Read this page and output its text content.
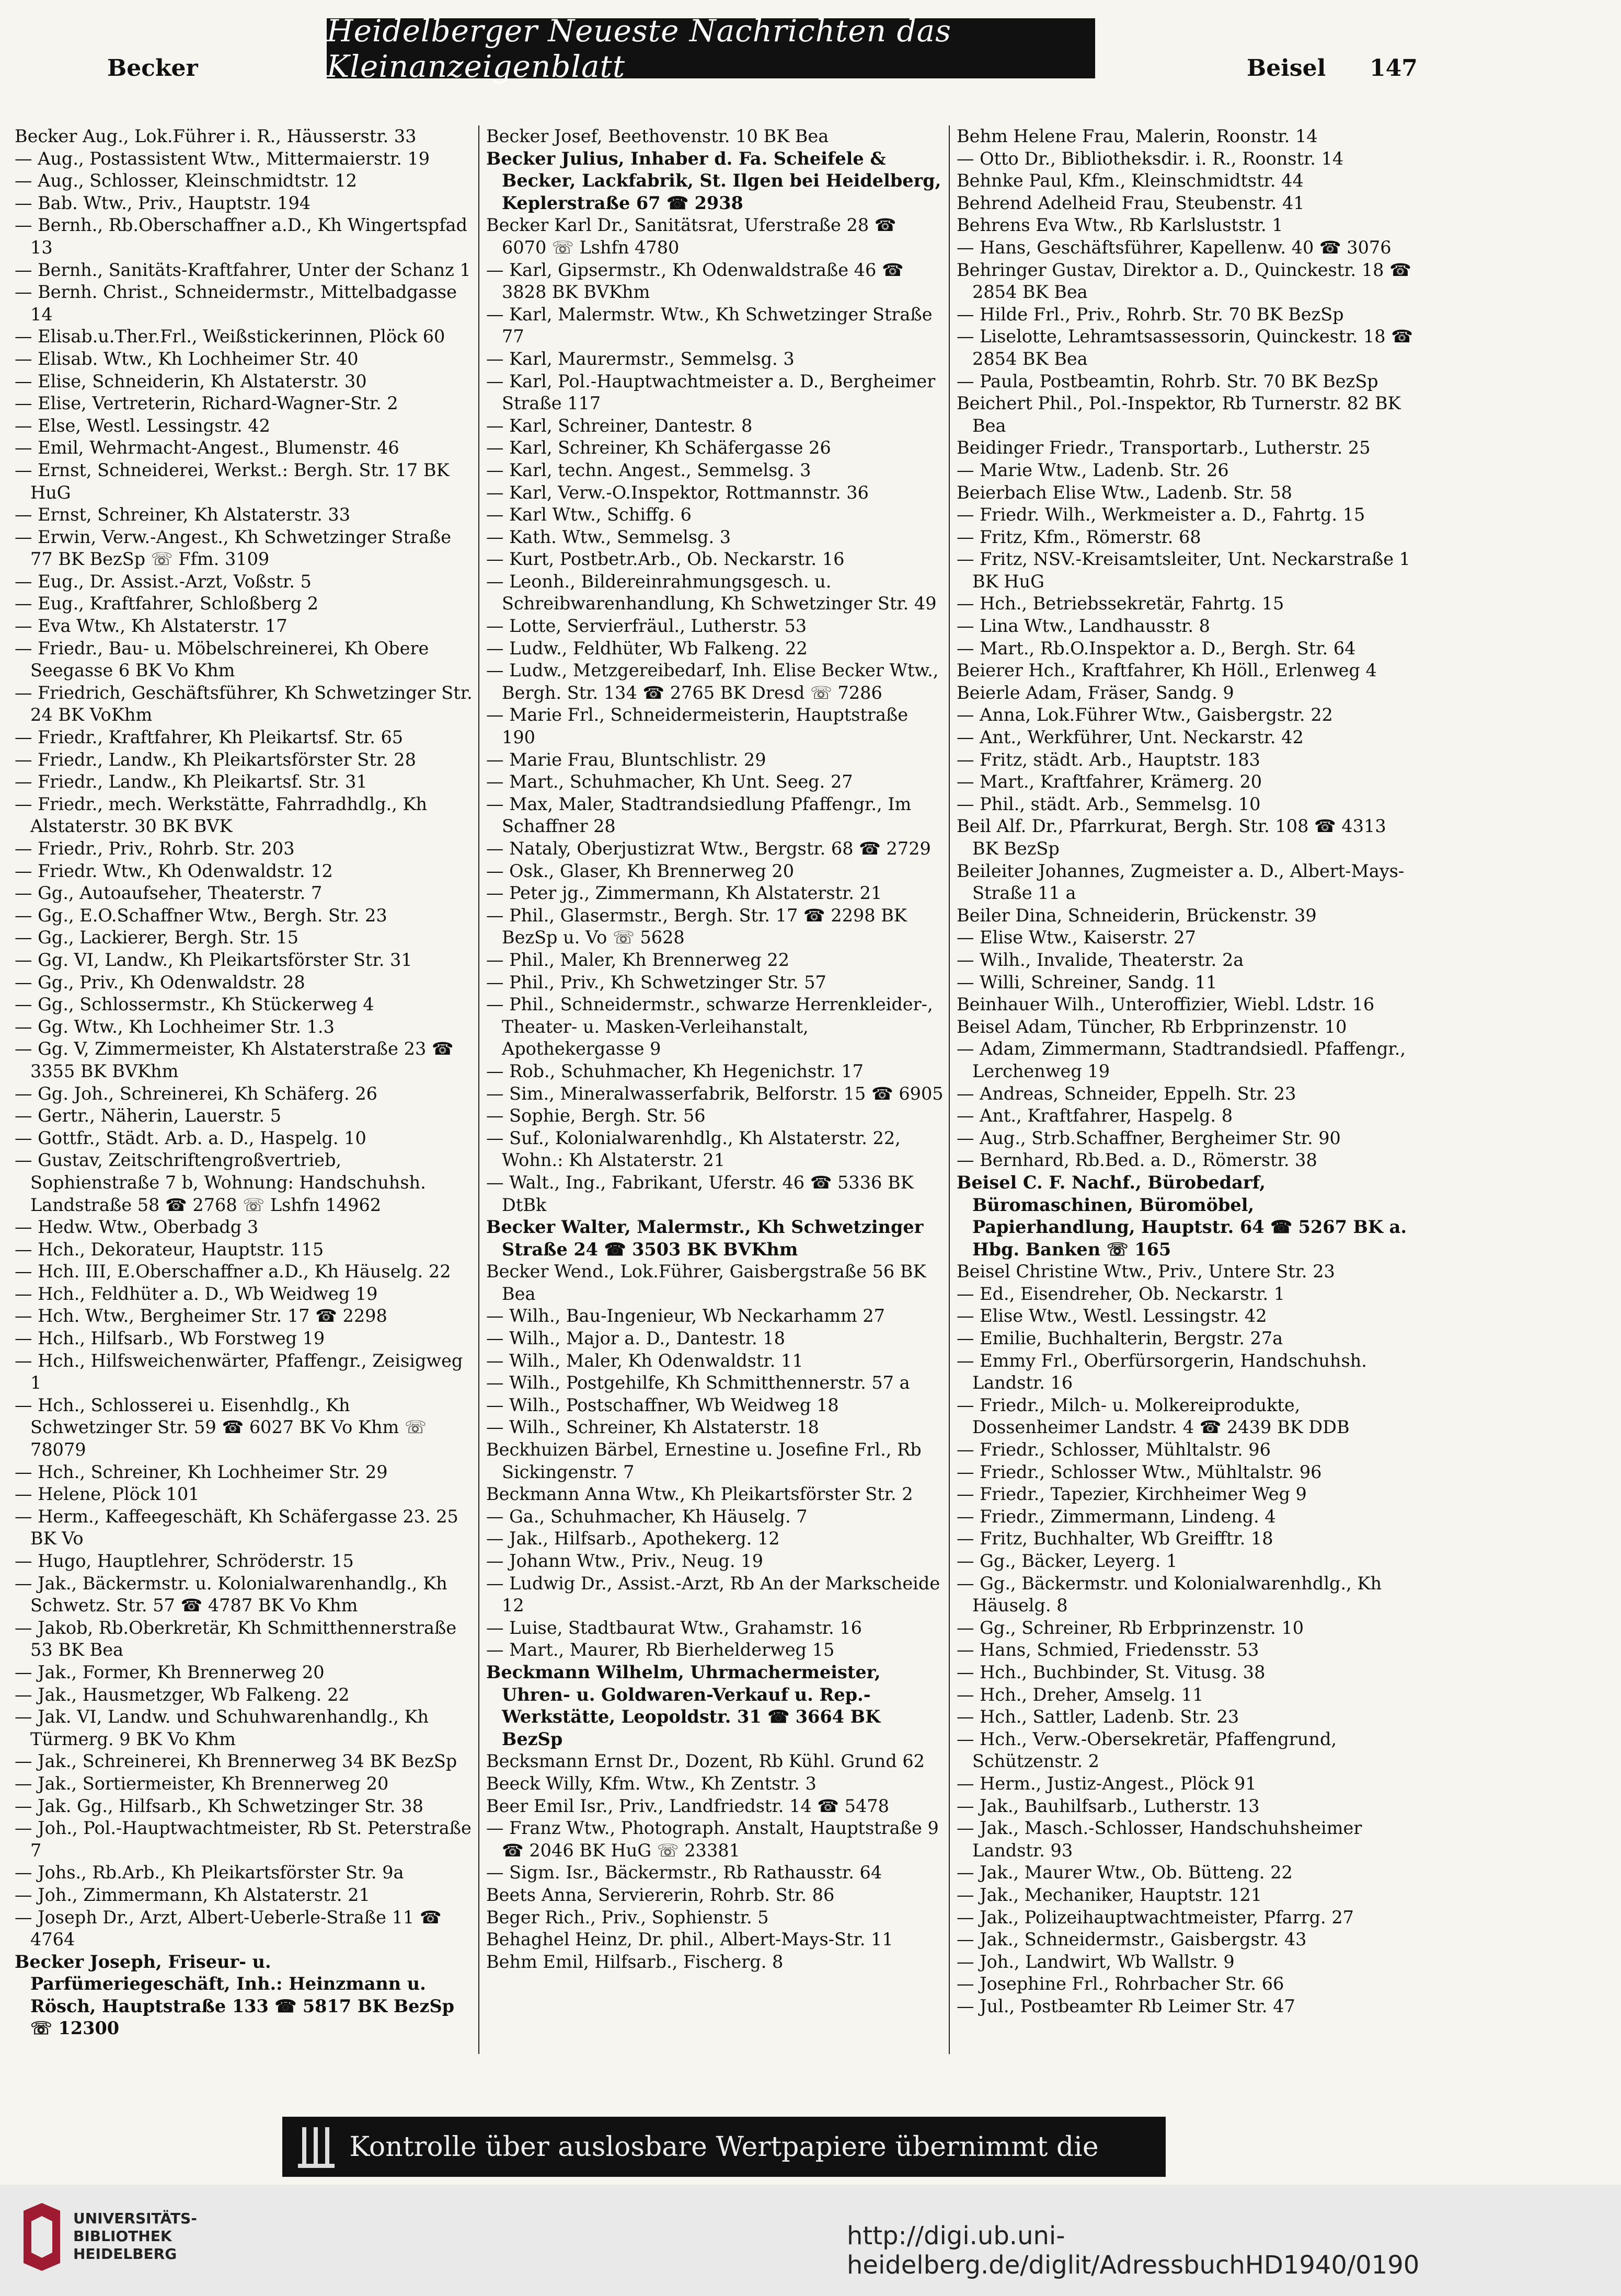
Heidelberger Neueste Nachrichten das Kleinanzeigenblatt
Becker	Beisel 147
Becker Aug., Lok.Führer i. R., Häusserstr. 33
— Aug., Postassistent Wtw., Mittermaierstr. 19
— Aug., Schlosser, Kleinschmidtstr. 12
— Bab. Wtw., Priv., Hauptstr. 194
— Bernh., Rb.Oberschaffner a.D., Kh Wingertspfad 13
— Bernh., Sanitäts-Kraftfahrer, Unter der Schanz 1
— Bernh. Christ., Schneidermstr., Mittelbadgasse 14
— Elisab.u.Ther.Frl., Weißstickerinnen, Plöck 60
— Elisab. Wtw., Kh Lochheimer Str. 40
— Elise, Schneiderin, Kh Alstaterstr. 30
— Elise, Vertreterin, Richard-Wagner-Str. 2
— Else, Westl. Lessingstr. 42
— Emil, Wehrmacht-Angest., Blumenstr. 46
— Ernst, Schneiderei, Werkst.: Bergh. Str. 17 BK HuG
— Ernst, Schreiner, Kh Alstaterstr. 33
— Erwin, Verw.-Angest., Kh Schwetzinger Straße 77 BK BezSp ☏ Ffm. 3109
— Eug., Dr. Assist.-Arzt, Voßstr. 5
— Eug., Kraftfahrer, Schloßberg 2
— Eva Wtw., Kh Alstaterstr. 17
— Friedr., Bau- u. Möbelschreinerei, Kh Obere Seegasse 6 BK Vo Khm
— Friedrich, Geschäftsführer, Kh Schwetzinger Str. 24 BK VoKhm
— Friedr., Kraftfahrer, Kh Pleikartsf. Str. 65
— Friedr., Landw., Kh Pleikartsförster Str. 28
— Friedr., Landw., Kh Pleikartsf. Str. 31
— Friedr., mech. Werkstätte, Fahrradhdlg., Kh Alstaterstr. 30 BK BVK
— Friedr., Priv., Rohrb. Str. 203
— Friedr. Wtw., Kh Odenwaldstr. 12
— Gg., Autoaufseher, Theaterstr. 7
— Gg., E.O.Schaffner Wtw., Bergh. Str. 23
— Gg., Lackierer, Bergh. Str. 15
— Gg. VI, Landw., Kh Pleikartsförster Str. 31
— Gg., Priv., Kh Odenwaldstr. 28
— Gg., Schlossermstr., Kh Stückerweg 4
— Gg. Wtw., Kh Lochheimer Str. 1.3
— Gg. V, Zimmermeister, Kh Alstaterstraße 23 ☎ 3355 BK BVKhm
— Gg. Joh., Schreinerei, Kh Schäferg. 26
— Gertr., Näherin, Lauerstr. 5
— Gottfr., Städt. Arb. a. D., Haspelg. 10
— Gustav, Zeitschriftengroßvertrieb, Sophienstraße 7 b, Wohnung: Handschuhsh. Landstraße 58 ☎ 2768 ☏ Lshfn 14962
— Hedw. Wtw., Oberbadg 3
— Hch., Dekorateur, Hauptstr. 115
— Hch. III, E.Oberschaffner a.D., Kh Häuselg. 22
— Hch., Feldhüter a. D., Wb Weidweg 19
— Hch. Wtw., Bergheimer Str. 17 ☎ 2298
— Hch., Hilfsarb., Wb Forstweg 19
— Hch., Hilfsweichenwärter, Pfaffengr., Zeisigweg 1
— Hch., Schlosserei u. Eisenhdlg., Kh Schwetzinger Str. 59 ☎ 6027 BK Vo Khm ☏ 78079
— Hch., Schreiner, Kh Lochheimer Str. 29
— Helene, Plöck 101
— Herm., Kaffeegeschäft, Kh Schäfergasse 23. 25 BK Vo
— Hugo, Hauptlehrer, Schröderstr. 15
— Jak., Bäckermstr. u. Kolonialwarenhandlg., Kh Schwetz. Str. 57 ☎ 4787 BK Vo Khm
— Jakob, Rb.Oberkretär, Kh Schmitthennerstraße 53 BK Bea
— Jak., Former, Kh Brennerweg 20
— Jak., Hausmetzger, Wb Falkeng. 22
— Jak. VI, Landw. und Schuhwarenhandlg., Kh Türmerg. 9 BK Vo Khm
— Jak., Schreinerei, Kh Brennerweg 34 BK BezSp
— Jak., Sortiermeister, Kh Brennerweg 20
— Jak. Gg., Hilfsarb., Kh Schwetzinger Str. 38
— Joh., Pol.-Hauptwachtmeister, Rb St. Peterstraße 7
— Johs., Rb.Arb., Kh Pleikartsförster Str. 9a
— Joh., Zimmermann, Kh Alstaterstr. 21
— Joseph Dr., Arzt, Albert-Ueberle-Straße 11 ☎ 4764
Becker Joseph, Friseur- u. Parfümeriegeschäft, Inh.: Heinzmann u. Rösch, Hauptstraße 133 ☎ 5817 BK BezSp ☏ 12300
Becker Josef, Beethovenstr. 10 BK Bea
Becker Julius, Inhaber d. Fa. Scheifele & Becker, Lackfabrik, St. Ilgen bei Heidelberg, Keplerstraße 67 ☎ 2938
Becker Karl Dr., Sanitätsrat, Uferstraße 28 ☎ 6070 ☏ Lshfn 4780
— Karl, Gipsermstr., Kh Odenwaldstraße 46 ☎ 3828 BK BVKhm
— Karl, Malermstr. Wtw., Kh Schwetzinger Straße 77
— Karl, Maurermstr., Semmelsg. 3
— Karl, Pol.-Hauptwachtmeister a. D., Bergheimer Straße 117
— Karl, Schreiner, Dantestr. 8
— Karl, Schreiner, Kh Schäfergasse 26
— Karl, techn. Angest., Semmelsg. 3
— Karl, Verw.-O.Inspektor, Rottmannstr. 36
— Karl Wtw., Schiffg. 6
— Kath. Wtw., Semmelsg. 3
— Kurt, Postbetr.Arb., Ob. Neckarstr. 16
— Leonh., Bildereinrahmungsgesch. u. Schreibwarenhandlung, Kh Schwetzinger Str. 49
— Lotte, Servierfräul., Lutherstr. 53
— Ludw., Feldhüter, Wb Falkeng. 22
— Ludw., Metzgereibedarf, Inh. Elise Becker Wtw., Bergh. Str. 134 ☎ 2765 BK Dresd ☏ 7286
— Marie Frl., Schneidermeisterin, Hauptstraße 190
— Marie Frau, Bluntschlistr. 29
— Mart., Schuhmacher, Kh Unt. Seeg. 27
— Max, Maler, Stadtrandsiedlung Pfaffengr., Im Schaffner 28
— Nataly, Oberjustizrat Wtw., Bergstr. 68 ☎ 2729
— Osk., Glaser, Kh Brennerweg 20
— Peter jg., Zimmermann, Kh Alstaterstr. 21
— Phil., Glasermstr., Bergh. Str. 17 ☎ 2298 BK BezSp u. Vo ☏ 5628
— Phil., Maler, Kh Brennerweg 22
— Phil., Priv., Kh Schwetzinger Str. 57
— Phil., Schneidermstr., schwarze Herrenkleider-, Theater- u. Masken-Verleihanstalt, Apothekergasse 9
— Rob., Schuhmacher, Kh Hegenichstr. 17
— Sim., Mineralwasserfabrik, Belforstr. 15 ☎ 6905
— Sophie, Bergh. Str. 56
— Suf., Kolonialwarenhdlg., Kh Alstaterstr. 22, Wohn.: Kh Alstaterstr. 21
— Walt., Ing., Fabrikant, Uferstr. 46 ☎ 5336 BK DtBk
Becker Walter, Malermstr., Kh Schwetzinger Straße 24 ☎ 3503 BK BVKhm
Becker Wend., Lok.Führer, Gaisbergstraße 56 BK Bea
— Wilh., Bau-Ingenieur, Wb Neckarhamm 27
— Wilh., Major a. D., Dantestr. 18
— Wilh., Maler, Kh Odenwaldstr. 11
— Wilh., Postgehilfe, Kh Schmitthennerstr. 57 a
— Wilh., Postschaffner, Wb Weidweg 18
— Wilh., Schreiner, Kh Alstaterstr. 18
Beckhuizen Bärbel, Ernestine u. Josefine Frl., Rb Sickingenstr. 7
Beckmann Anna Wtw., Kh Pleikartsförster Str. 2
— Ga., Schuhmacher, Kh Häuselg. 7
— Jak., Hilfsarb., Apothekerg. 12
— Johann Wtw., Priv., Neug. 19
— Ludwig Dr., Assist.-Arzt, Rb An der Markscheide 12
— Luise, Stadtbaurat Wtw., Grahamstr. 16
— Mart., Maurer, Rb Bierhelderweg 15
Beckmann Wilhelm, Uhrmachermeister, Uhren- u. Goldwaren-Verkauf u. Rep.-Werkstätte, Leopoldstr. 31 ☎ 3664 BK BezSp
Becksmann Ernst Dr., Dozent, Rb Kühl. Grund 62
Beeck Willy, Kfm. Wtw., Kh Zentstr. 3
Beer Emil Isr., Priv., Landfriedstr. 14 ☎ 5478
— Franz Wtw., Photograph. Anstalt, Hauptstraße 9 ☎ 2046 BK HuG ☏ 23381
— Sigm. Isr., Bäckermstr., Rb Rathausstr. 64
Beets Anna, Serviererin, Rohrb. Str. 86
Beger Rich., Priv., Sophienstr. 5
Behaghel Heinz, Dr. phil., Albert-Mays-Str. 11
Behm Emil, Hilfsarb., Fischerg. 8
Behm Helene Frau, Malerin, Roonstr. 14
— Otto Dr., Bibliotheksdir. i. R., Roonstr. 14
Behnke Paul, Kfm., Kleinschmidtstr. 44
Behrend Adelheid Frau, Steubenstr. 41
Behrens Eva Wtw., Rb Karlsluststr. 1
— Hans, Geschäftsführer, Kapellenw. 40 ☎ 3076
Behringer Gustav, Direktor a. D., Quinckestr. 18 ☎ 2854 BK Bea
— Hilde Frl., Priv., Rohrb. Str. 70 BK BezSp
— Liselotte, Lehramtsassessorin, Quinckestr. 18 ☎ 2854 BK Bea
— Paula, Postbeamtin, Rohrb. Str. 70 BK BezSp
Beichert Phil., Pol.-Inspektor, Rb Turnerstr. 82 BK Bea
Beidinger Friedr., Transportarb., Lutherstr. 25
— Marie Wtw., Ladenb. Str. 26
Beierbach Elise Wtw., Ladenb. Str. 58
— Friedr. Wilh., Werkmeister a. D., Fahrtg. 15
— Fritz, Kfm., Römerstr. 68
— Fritz, NSV.-Kreisamtsleiter, Unt. Neckarstraße 1 BK HuG
— Hch., Betriebssekretär, Fahrtg. 15
— Lina Wtw., Landhausstr. 8
— Mart., Rb.O.Inspektor a. D., Bergh. Str. 64
Beierer Hch., Kraftfahrer, Kh Höll., Erlenweg 4
Beierle Adam, Fräser, Sandg. 9
— Anna, Lok.Führer Wtw., Gaisbergstr. 22
— Ant., Werkführer, Unt. Neckarstr. 42
— Fritz, städt. Arb., Hauptstr. 183
— Mart., Kraftfahrer, Krämerg. 20
— Phil., städt. Arb., Semmelsg. 10
Beil Alf. Dr., Pfarrkurat, Bergh. Str. 108 ☎ 4313 BK BezSp
Beileiter Johannes, Zugmeister a. D., Albert-Mays-Straße 11 a
Beiler Dina, Schneiderin, Brückenstr. 39
— Elise Wtw., Kaiserstr. 27
— Wilh., Invalide, Theaterstr. 2a
— Willi, Schreiner, Sandg. 11
Beinhauer Wilh., Unteroffizier, Wiebl. Ldstr. 16
Beisel Adam, Tüncher, Rb Erbprinzenstr. 10
— Adam, Zimmermann, Stadtrandsiedl. Pfaffengr., Lerchenweg 19
— Andreas, Schneider, Eppelh. Str. 23
— Ant., Kraftfahrer, Haspelg. 8
— Aug., Strb.Schaffner, Bergheimer Str. 90
— Bernhard, Rb.Bed. a. D., Römerstr. 38
Beisel C. F. Nachf., Bürobedarf, Büromaschinen, Büromöbel, Papierhandlung, Hauptstr. 64 ☎ 5267 BK a. Hbg. Banken ☏ 165
Beisel Christine Wtw., Priv., Untere Str. 23
— Ed., Eisendreher, Ob. Neckarstr. 1
— Elise Wtw., Westl. Lessingstr. 42
— Emilie, Buchhalterin, Bergstr. 27a
— Emmy Frl., Oberfürsorgerin, Handschuhsh. Landstr. 16
— Friedr., Milch- u. Molkereiprodukte, Dossenheimer Landstr. 4 ☎ 2439 BK DDB
— Friedr., Schlosser, Mühltalstr. 96
— Friedr., Schlosser Wtw., Mühltalstr. 96
— Friedr., Tapezier, Kirchheimer Weg 9
— Friedr., Zimmermann, Lindeng. 4
— Fritz, Buchhalter, Wb Greifftr. 18
— Gg., Bäcker, Leyerg. 1
— Gg., Bäckermstr. und Kolonialwarenhdlg., Kh Häuselg. 8
— Gg., Schreiner, Rb Erbprinzenstr. 10
— Hans, Schmied, Friedensstr. 53
— Hch., Buchbinder, St. Vitusg. 38
— Hch., Dreher, Amselg. 11
— Hch., Sattler, Ladenb. Str. 23
— Hch., Verw.-Obersekretär, Pfaffengrund, Schützenstr. 2
— Herm., Justiz-Angest., Plöck 91
— Jak., Bauhilfsarb., Lutherstr. 13
— Jak., Masch.-Schlosser, Handschuhsheimer Landstr. 93
— Jak., Maurer Wtw., Ob. Bütteng. 22
— Jak., Mechaniker, Hauptstr. 121
— Jak., Polizeihauptwachtmeister, Pfarrg. 27
— Jak., Schneidermstr., Gaisbergstr. 43
— Joh., Landwirt, Wb Wallstr. 9
— Josephine Frl., Rohrbacher Str. 66
— Jul., Postbeamter Rb Leimer Str. 47
Kontrolle über auslosbare Wertpapiere übernimmt die
UNIVERSITÄTS-
BIBLIOTHEK
HEIDELBERG
http://digi.ub.uni-heidelberg.de/diglit/AdressbuchHD1940/0190
